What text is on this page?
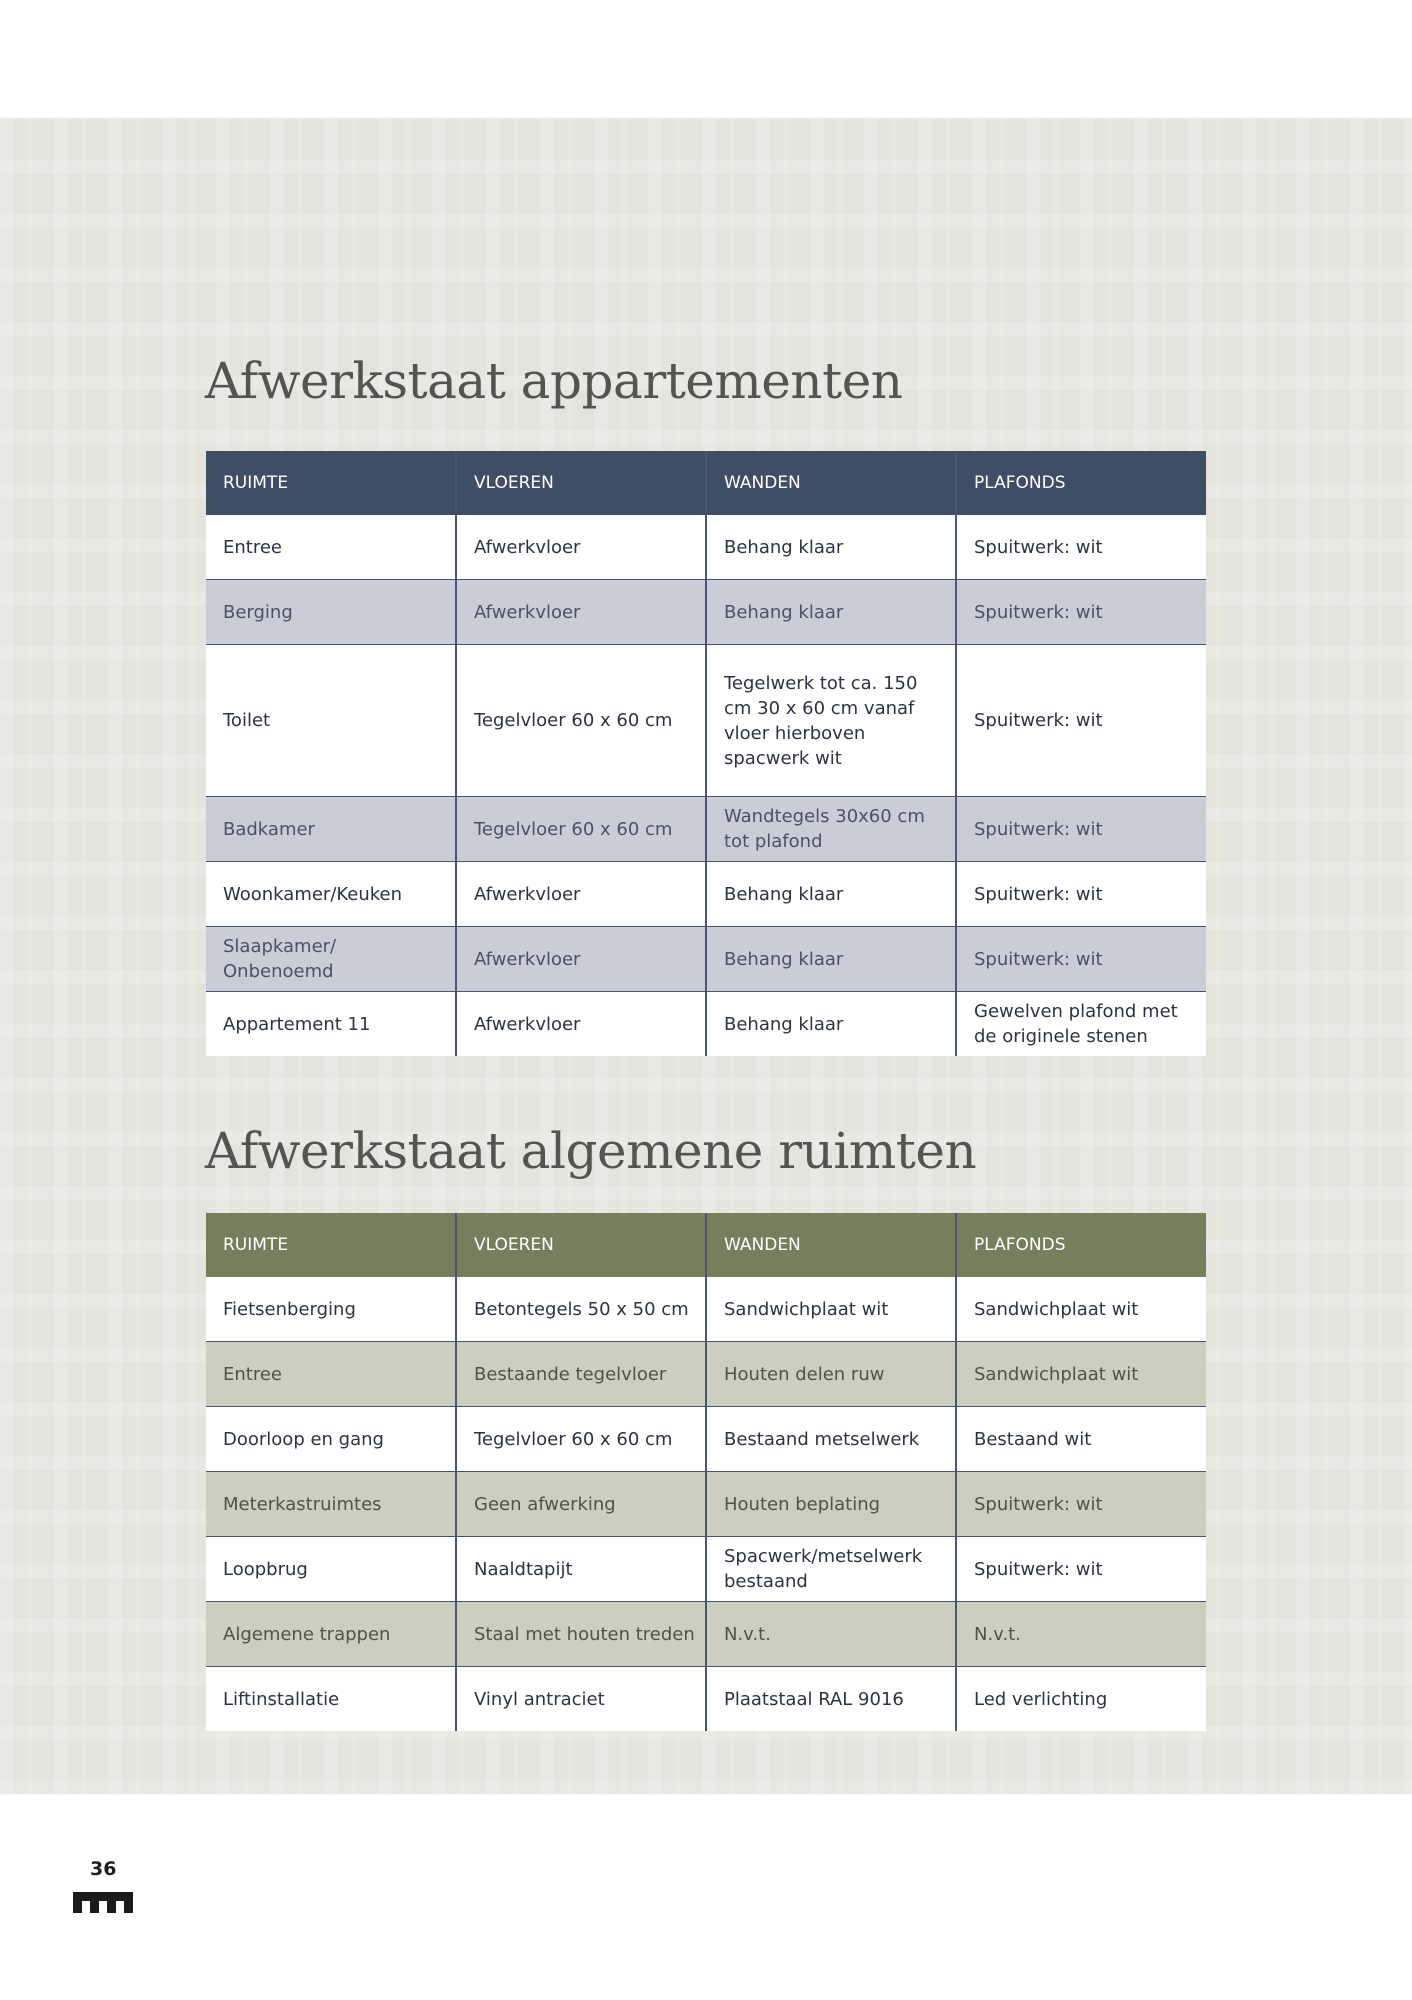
Afwerkstaat appartementen
RUIMTE	VLOEREN	WANDEN	PLAFONDS
Entree	Afwerkvloer	Behang klaar	Spuitwerk: wit
Berging	Afwerkvloer	Behang klaar	Spuitwerk: wit
Toilet	Tegelvloer 60 x 60 cm	Tegelwerk tot ca. 150 cm 30 x 60 cm vanaf vloer hierboven spacwerk wit	Spuitwerk: wit
Badkamer	Tegelvloer 60 x 60 cm	Wandtegels 30x60 cm tot plafond	Spuitwerk: wit
Woonkamer/Keuken	Afwerkvloer	Behang klaar	Spuitwerk: wit
Slaapkamer/ Onbenoemd	Afwerkvloer	Behang klaar	Spuitwerk: wit
Appartement 11	Afwerkvloer	Behang klaar	Gewelven plafond met de originele stenen
Afwerkstaat algemene ruimten
RUIMTE	VLOEREN	WANDEN	PLAFONDS
Fietsenberging	Betontegels 50 x 50 cm	Sandwichplaat wit	Sandwichplaat wit
Entree	Bestaande tegelvloer	Houten delen ruw	Sandwichplaat wit
Doorloop en gang	Tegelvloer 60 x 60 cm	Bestaand metselwerk	Bestaand wit
Meterkastruimtes	Geen afwerking	Houten beplating	Spuitwerk: wit
Loopbrug	Naaldtapijt	Spacwerk/metselwerk bestaand	Spuitwerk: wit
Algemene trappen	Staal met houten treden	N.v.t.	N.v.t.
Liftinstallatie	Vinyl antraciet	Plaatstaal RAL 9016	Led verlichting
36
